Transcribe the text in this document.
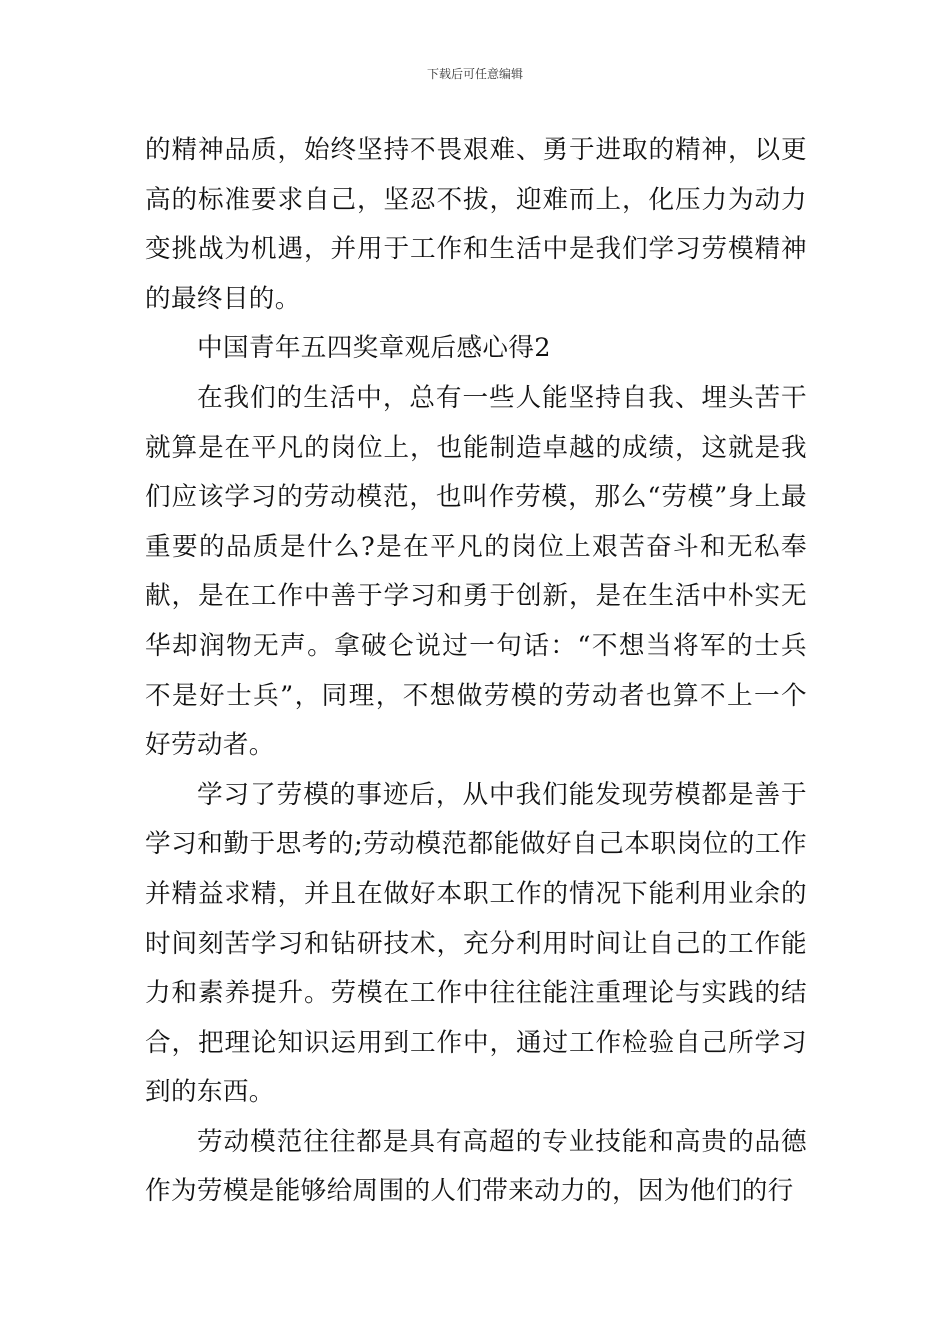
下载后可任意编辑

的精神品质，始终坚持不畏艰难、勇于进取的精神，以更高的标准要求自己，坚忍不拔，迎难而上，化压力为动力变挑战为机遇，并用于工作和生活中是我们学习劳模精神的最终目的。

中国青年五四奖章观后感心得2

在我们的生活中，总有一些人能坚持自我、埋头苦干就算是在平凡的岗位上，也能制造卓越的成绩，这就是我们应该学习的劳动模范，也叫作劳模，那么“劳模”身上最重要的品质是什么?是在平凡的岗位上艰苦奋斗和无私奉献，是在工作中善于学习和勇于创新，是在生活中朴实无华却润物无声。拿破仑说过一句话：“不想当将军的士兵不是好士兵”，同理，不想做劳模的劳动者也算不上一个好劳动者。

学习了劳模的事迹后，从中我们能发现劳模都是善于学习和勤于思考的;劳动模范都能做好自己本职岗位的工作并精益求精，并且在做好本职工作的情况下能利用业余的时间刻苦学习和钻研技术，充分利用时间让自己的工作能力和素养提升。劳模在工作中往往能注重理论与实践的结合，把理论知识运用到工作中，通过工作检验自己所学习到的东西。

劳动模范往往都是具有高超的专业技能和高贵的品德作为劳模是能够给周围的人们带来动力的，因为他们的行
